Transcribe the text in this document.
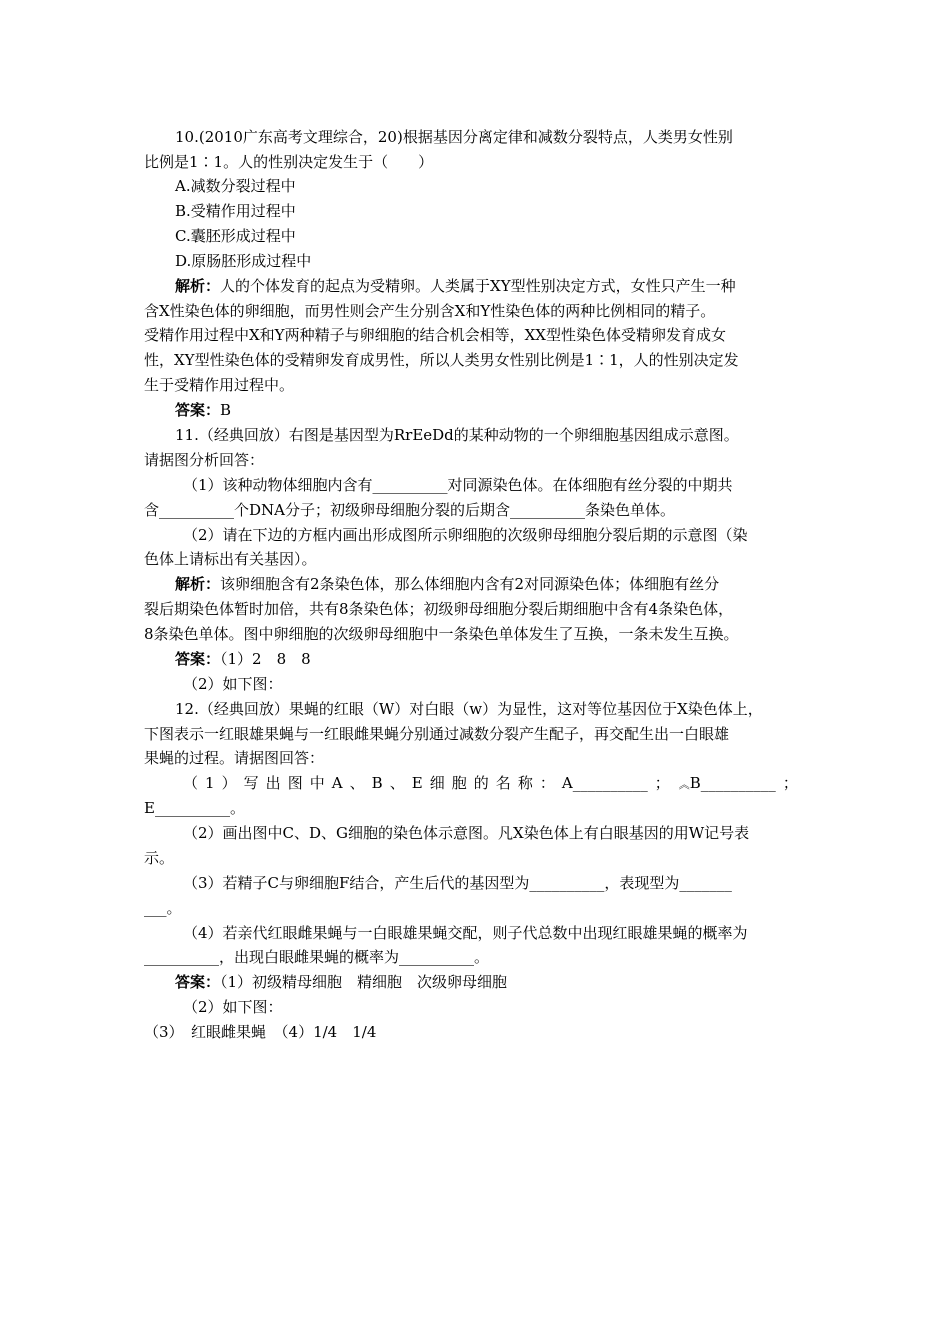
10.(2010广东高考文理综合，20)根据基因分离定律和减数分裂特点，人类男女性别
比例是1∶1。人的性别决定发生于（　　）
A.减数分裂过程中
B.受精作用过程中
C.囊胚形成过程中
D.原肠胚形成过程中
解析：人的个体发育的起点为受精卵。人类属于XY型性别决定方式，女性只产生一种
含X性染色体的卵细胞，而男性则会产生分别含X和Y性染色体的两种比例相同的精子。
受精作用过程中X和Y两种精子与卵细胞的结合机会相等，XX型性染色体受精卵发育成女
性，XY型性染色体的受精卵发育成男性，所以人类男女性别比例是1∶1，人的性别决定发
生于受精作用过程中。
答案：B
11.（经典回放）右图是基因型为RrEeDd的某种动物的一个卵细胞基因组成示意图。
请据图分析回答：
（1）该种动物体细胞内含有__________对同源染色体。在体细胞有丝分裂的中期共
含__________个DNA分子；初级卵母细胞分裂的后期含__________条染色单体。
（2）请在下边的方框内画出形成图所示卵细胞的次级卵母细胞分裂后期的示意图（染
色体上请标出有关基因）。
解析：该卵细胞含有2条染色体，那么体细胞内含有2对同源染色体；体细胞有丝分
裂后期染色体暂时加倍，共有8条染色体；初级卵母细胞分裂后期细胞中含有4条染色体，
8条染色单体。图中卵细胞的次级卵母细胞中一条染色单体发生了互换，一条未发生互换。
答案：（1）2　8　8
（2）如下图：
12.（经典回放）果蝇的红眼（W）对白眼（w）为显性，这对等位基因位于X染色体上，
下图表示一红眼雄果蝇与一红眼雌果蝇分别通过减数分裂产生配子，再交配生出一白眼雄
果蝇的过程。请据图回答：
（ 1 ） 写 出 图 中 A 、 B 、 E 细 胞 的 名 称 ： A__________ ； ︽ B__________ ；
E__________。
（2）画出图中C、D、G细胞的染色体示意图。凡X染色体上有白眼基因的用W记号表
示。
（3）若精子C与卵细胞F结合，产生后代的基因型为__________，表现型为_______
___。
（4）若亲代红眼雌果蝇与一白眼雄果蝇交配，则子代总数中出现红眼雄果蝇的概率为
__________，出现白眼雌果蝇的概率为__________。
答案：（1）初级精母细胞　精细胞　次级卵母细胞
（2）如下图：
（3）　红眼雌果蝇　（4）1/4　1/4
